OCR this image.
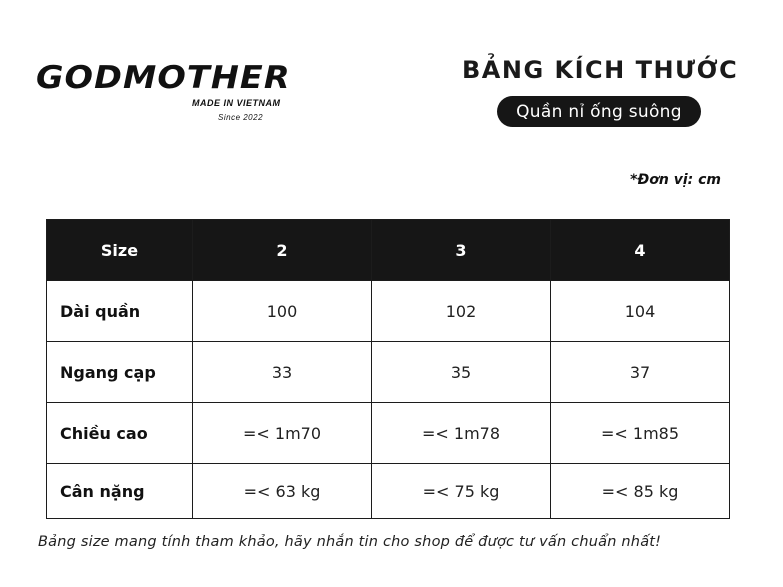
GODMOTHER
MADE IN VIETNAM
Since 2022
BẢNG KÍCH THƯỚC
Quần nỉ ống suông
*Đơn vị: cm
Size	2	3	4
Dài quần	100	102	104
Ngang cạp	33	35	37
Chiều cao	=< 1m70	=< 1m78	=< 1m85
Cân nặng	=< 63 kg	=< 75 kg	=< 85 kg
Bảng size mang tính tham khảo, hãy nhắn tin cho shop để được tư vấn chuẩn nhất!
